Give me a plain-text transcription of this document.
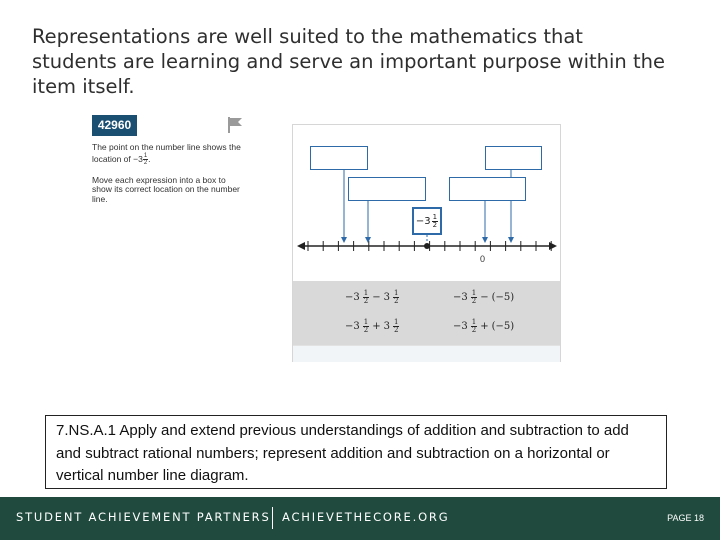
Representations are well suited to the mathematics that students are learning and serve an important purpose within the item itself.
42960

The point on the number line shows the location of $-3 \frac{1}{2}$ .

Move each expression into a box to show its correct location on the number line.

− $3 \frac{1}{2}$
0
$-3 \frac{1}{2} - 3 \frac{1}{2}$	$-3 \frac{1}{2} - (-5)$
$-3 \frac{1}{2} + 3 \frac{1}{2}$	$-3 \frac{1}{2} + (-5)$

7.NS.A.1 Apply and extend previous understandings of addition and subtraction to add and subtract rational numbers; represent addition and subtraction on a horizontal or vertical number line diagram.

STUDENT ACHIEVEMENT PARTNERS ACHIEVETHECORE.ORG	PAGE 18
